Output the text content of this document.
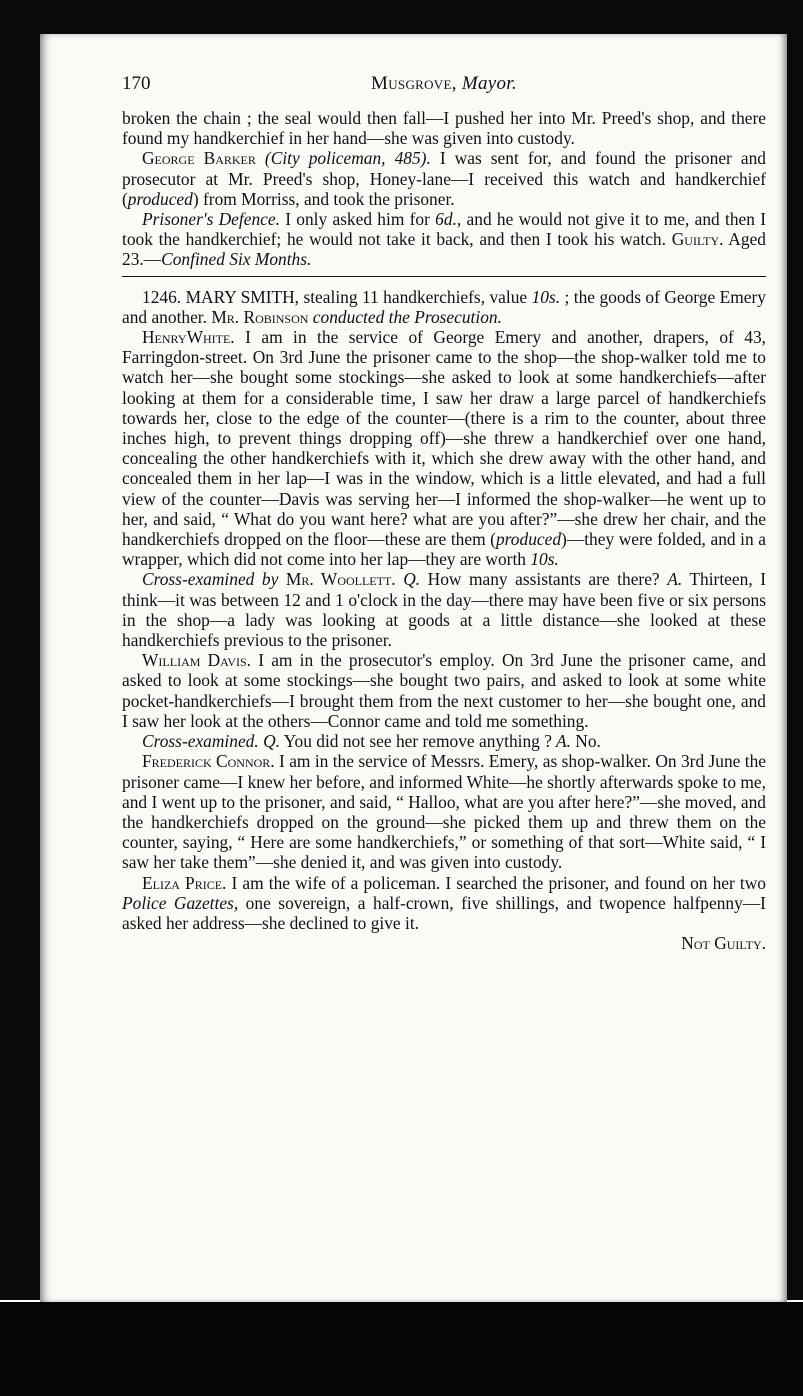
170	Musgrove, Mayor.

broken the chain ; the seal would then fall—I pushed her into Mr. Preed's shop, and there found my handkerchief in her hand—she was given into custody.

George Barker (City policeman, 485). I was sent for, and found the prisoner and prosecutor at Mr. Preed's shop, Honey-lane—I received this watch and handkerchief (produced) from Morriss, and took the prisoner.

Prisoner's Defence. I only asked him for 6d., and he would not give it to me, and then I took the handkerchief; he would not take it back, and then I took his watch. Guilty. Aged 23.—Confined Six Months.

1246. MARY SMITH, stealing 11 handkerchiefs, value 10s. ; the goods of George Emery and another. Mr. Robinson conducted the Prosecution.

HenryWhite. I am in the service of George Emery and another, drapers, of 43, Farringdon-street. On 3rd June the prisoner came to the shop—the shop-walker told me to watch her—she bought some stockings—she asked to look at some handkerchiefs—after looking at them for a considerable time, I saw her draw a large parcel of handkerchiefs towards her, close to the edge of the counter—(there is a rim to the counter, about three inches high, to prevent things dropping off)—she threw a handkerchief over one hand, concealing the other handkerchiefs with it, which she drew away with the other hand, and concealed them in her lap—I was in the window, which is a little elevated, and had a full view of the counter—Davis was serving her—I informed the shop-walker—he went up to her, and said, “ What do you want here? what are you after?”—she drew her chair, and the handkerchiefs dropped on the floor—these are them (produced)—they were folded, and in a wrapper, which did not come into her lap—they are worth 10s.

Cross-examined by Mr. Woollett. Q. How many assistants are there? A. Thirteen, I think—it was between 12 and 1 o'clock in the day—there may have been five or six persons in the shop—a lady was looking at goods at a little distance—she looked at these handkerchiefs previous to the prisoner.

William Davis. I am in the prosecutor's employ. On 3rd June the prisoner came, and asked to look at some stockings—she bought two pairs, and asked to look at some white pocket-handkerchiefs—I brought them from the next customer to her—she bought one, and I saw her look at the others—Connor came and told me something.

Cross-examined. Q. You did not see her remove anything ? A. No.

Frederick Connor. I am in the service of Messrs. Emery, as shop-walker. On 3rd June the prisoner came—I knew her before, and informed White—he shortly afterwards spoke to me, and I went up to the prisoner, and said, “ Halloo, what are you after here?”—she moved, and the handkerchiefs dropped on the ground—she picked them up and threw them on the counter, saying, “ Here are some handkerchiefs,” or something of that sort—White said, “ I saw her take them”—she denied it, and was given into custody.

Eliza Price. I am the wife of a policeman. I searched the prisoner, and found on her two Police Gazettes, one sovereign, a half-crown, five shillings, and twopence halfpenny—I asked her address—she declined to give it.

Not Guilty.
